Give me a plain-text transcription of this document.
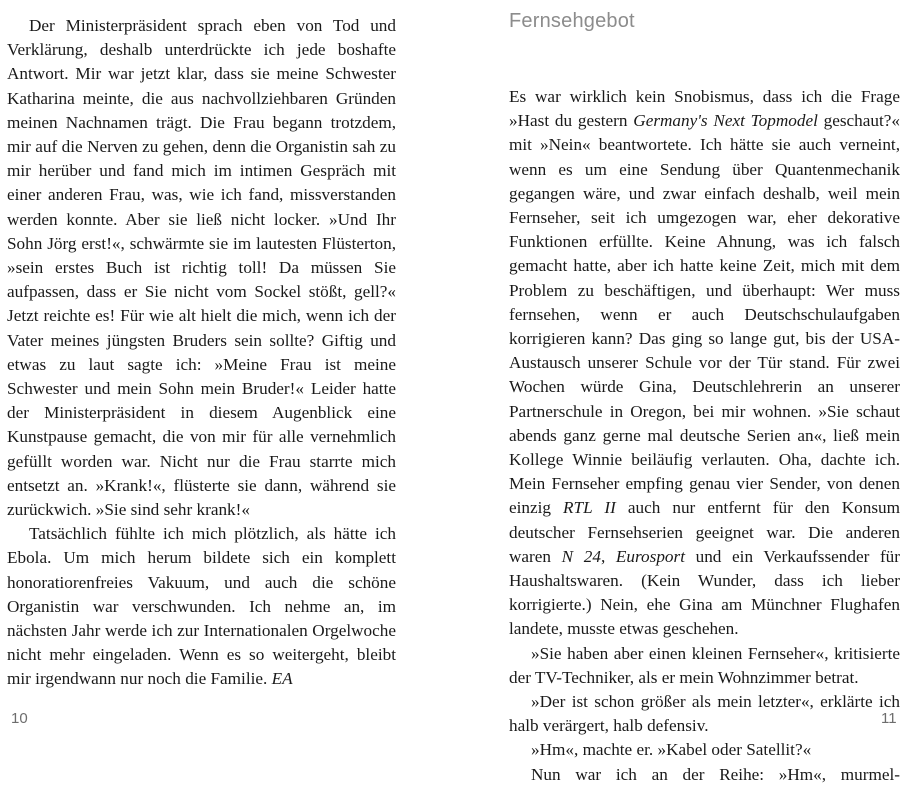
Der Ministerpräsident sprach eben von Tod und Verklärung, deshalb unterdrückte ich jede boshafte Antwort. Mir war jetzt klar, dass sie meine Schwester Katharina meinte, die aus nachvollziehbaren Gründen meinen Nachnamen trägt. Die Frau begann trotzdem, mir auf die Nerven zu gehen, denn die Organistin sah zu mir herüber und fand mich im intimen Gespräch mit einer anderen Frau, was, wie ich fand, missverstanden werden konnte. Aber sie ließ nicht locker. »Und Ihr Sohn Jörg erst!«, schwärmte sie im lautesten Flüsterton, »sein erstes Buch ist richtig toll! Da müssen Sie aufpassen, dass er Sie nicht vom Sockel stößt, gell?« Jetzt reichte es! Für wie alt hielt die mich, wenn ich der Vater meines jüngsten Bruders sein sollte? Giftig und etwas zu laut sagte ich: »Meine Frau ist meine Schwester und mein Sohn mein Bruder!« Leider hatte der Ministerpräsident in diesem Augenblick eine Kunstpause gemacht, die von mir für alle vernehmlich gefüllt worden war. Nicht nur die Frau starrte mich entsetzt an. »Krank!«, flüsterte sie dann, während sie zurückwich. »Sie sind sehr krank!«

Tatsächlich fühlte ich mich plötzlich, als hätte ich Ebola. Um mich herum bildete sich ein komplett honoratiorenfreies Vakuum, und auch die schöne Organistin war verschwunden. Ich nehme an, im nächsten Jahr werde ich zur Internationalen Orgelwoche nicht mehr eingeladen. Wenn es so weitergeht, bleibt mir irgendwann nur noch die Familie. EA

10
Fernsehgebot

Es war wirklich kein Snobismus, dass ich die Frage »Hast du gestern Germany's Next Topmodel geschaut?« mit »Nein« beantwortete. Ich hätte sie auch verneint, wenn es um eine Sendung über Quantenmechanik gegangen wäre, und zwar einfach deshalb, weil mein Fernseher, seit ich umgezogen war, eher dekorative Funktionen erfüllte. Keine Ahnung, was ich falsch gemacht hatte, aber ich hatte keine Zeit, mich mit dem Problem zu beschäftigen, und überhaupt: Wer muss fernsehen, wenn er auch Deutschschulaufgaben korrigieren kann? Das ging so lange gut, bis der USA-Austausch unserer Schule vor der Tür stand. Für zwei Wochen würde Gina, Deutschlehrerin an unserer Partnerschule in Oregon, bei mir wohnen. »Sie schaut abends ganz gerne mal deutsche Serien an«, ließ mein Kollege Winnie beiläufig verlauten. Oha, dachte ich. Mein Fernseher empfing genau vier Sender, von denen einzig RTL II auch nur entfernt für den Konsum deutscher Fernsehserien geeignet war. Die anderen waren N 24, Eurosport und ein Verkaufssender für Haushaltswaren. (Kein Wunder, dass ich lieber korrigierte.) Nein, ehe Gina am Münchner Flughafen landete, musste etwas geschehen.

»Sie haben aber einen kleinen Fernseher«, kritisierte der TV-Techniker, als er mein Wohnzimmer betrat.

»Der ist schon größer als mein letzter«, erklärte ich halb verärgert, halb defensiv.

»Hm«, machte er. »Kabel oder Satellit?«

Nun war ich an der Reihe: »Hm«, murmel-

11
